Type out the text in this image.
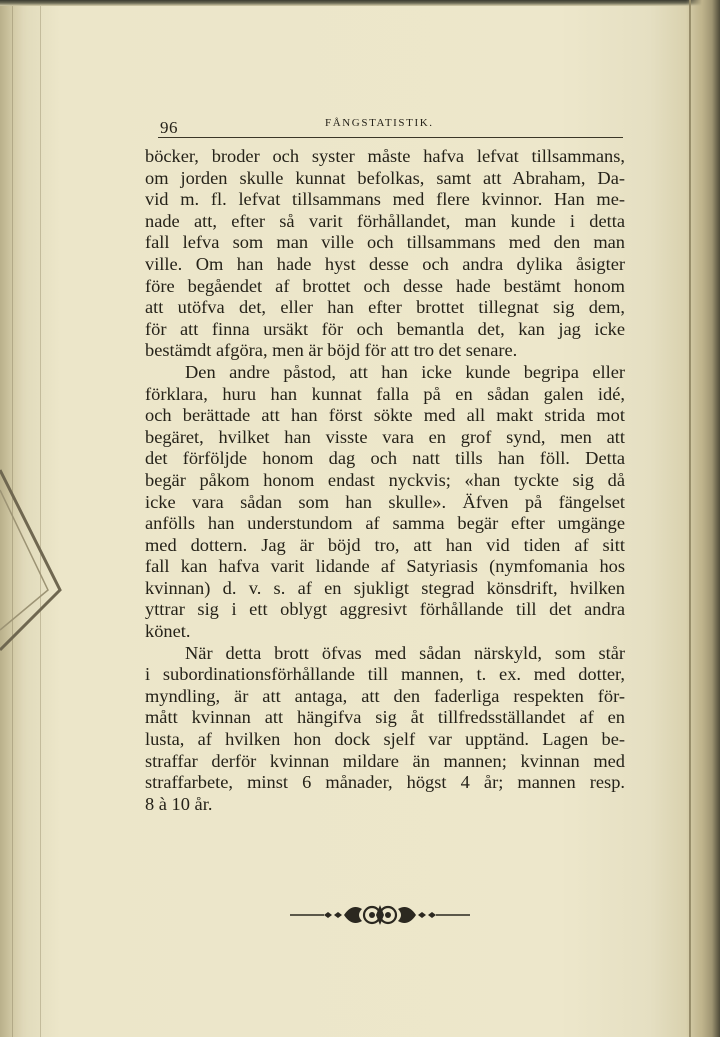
96	FÅNGSTATISTIK.
böcker, broder och syster måste hafva lefvat tillsammans,
om jorden skulle kunnat befolkas, samt att Abraham, Da-
vid m. fl. lefvat tillsammans med flere kvinnor. Han me-
nade att, efter så varit förhållandet, man kunde i detta
fall lefva som man ville och tillsammans med den man
ville. Om han hade hyst desse och andra dylika åsigter
före begåendet af brottet och desse hade bestämt honom
att utöfva det, eller han efter brottet tillegnat sig dem,
för att finna ursäkt för och bemantla det, kan jag icke
bestämdt afgöra, men är böjd för att tro det senare.
Den andre påstod, att han icke kunde begripa eller
förklara, huru han kunnat falla på en sådan galen idé,
och berättade att han först sökte med all makt strida mot
begäret, hvilket han visste vara en grof synd, men att
det förföljde honom dag och natt tills han föll. Detta
begär påkom honom endast nyckvis; «han tyckte sig då
icke vara sådan som han skulle». Äfven på fängelset
anfölls han understundom af samma begär efter umgänge
med dottern. Jag är böjd tro, att han vid tiden af sitt
fall kan hafva varit lidande af Satyriasis (nymfomania hos
kvinnan) d. v. s. af en sjukligt stegrad könsdrift, hvilken
yttrar sig i ett oblygt aggresivt förhållande till det andra
könet.
När detta brott öfvas med sådan närskyld, som står
i subordinationsförhållande till mannen, t. ex. med dotter,
myndling, är att antaga, att den faderliga respekten för-
mått kvinnan att hängifva sig åt tillfredsställandet af en
lusta, af hvilken hon dock sjelf var upptänd. Lagen be-
straffar derför kvinnan mildare än mannen; kvinnan med
straffarbete, minst 6 månader, högst 4 år; mannen resp.
8 à 10 år.
